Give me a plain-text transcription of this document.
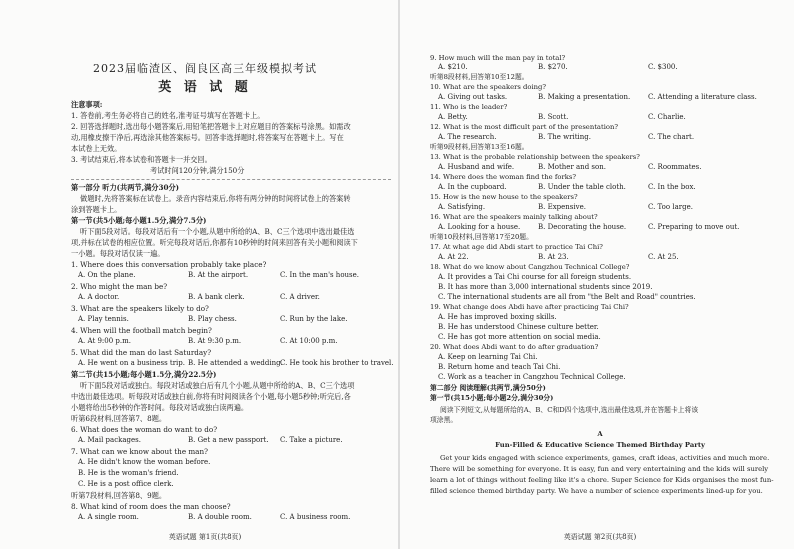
2023届临渣区、阎良区高三年级模拟考试
英 语 试 题
注意事项:
1. 答卷前,考生务必将自己的姓名,准考证号填写在答题卡上。
2. 回答选择题时,选出每小题答案后,用铅笔把答题卡上对应题目的答案标号涂黑。如需改
动,用橡皮擦干净后,再选涂其他答案标号。回答非选择题时,将答案写在答题卡上。写在
本试卷上无效。
3. 考试结束后,将本试卷和答题卡一并交回。
考试时间120分钟,满分150分
第一部分 听力(共两节,满分30分)
做题时,先将答案标在试卷上。录音内容结束后,你将有两分钟的时间将试卷上的答案转
涂到答题卡上。
第一节(共5小题;每小题1.5分,满分7.5分)
听下面5段对话。每段对话后有一个小题,从题中所给的A、B、C三个选项中选出最佳选
项,并标在试卷的相应位置。听完每段对话后,你都有10秒钟的时间来回答有关小题和阅读下
一小题。每段对话仅读一遍。
1. Where does this conversation probably take place?
A. On the plane.	B. At the airport.	C. In the man's house.
2. Who might the man be?
A. A doctor.	B. A bank clerk.	C. A driver.
3. What are the speakers likely to do?
A. Play tennis.	B. Play chess.	C. Run by the lake.
4. When will the football match begin?
A. At 9:00 p.m.	B. At 9:30 p.m.	C. At 10:00 p.m.
5. What did the man do last Saturday?
A. He went on a business trip. B. He attended a wedding.
C. He took his brother to travel.
第二节(共15小题;每小题1.5分,满分22.5分)
听下面5段对话或独白。每段对话或独白后有几个小题,从题中所给的A、B、C三个选项
中选出最佳选项。听每段对话或独白前,你将有时间阅读各个小题,每小题5秒钟;听完后,各
小题将给出5秒钟的作答时间。每段对话或独白读两遍。
听第6段材料,回答第7、8题。
6. What does the woman do want to do?
A. Mail packages.	B. Get a new passport. C. Take a picture.
7. What can we know about the man?
A. He didn't know the woman before.
B. He is the woman's friend.
C. He is a post office clerk.
听第7段材料,回答第8、9题。
8. What kind of room does the man choose?
A. A single room.	B. A double room.	C. A business room.
英语试题 第1页(共8页)
9. How much will the man pay in total?
A. $210.	B. $270.	C. $300.
听第8段材料,回答第10至12题。
10. What are the speakers doing?
A. Giving out tasks.	B. Making a presentation.	C. Attending a literature class.
11. Who is the leader?
A. Betty.	B. Scott.	C. Charlie.
12. What is the most difficult part of the presentation?
A. The research.	B. The writing.	C. The chart.
听第9段材料,回答第13至16题。
13. What is the probable relationship between the speakers?
A. Husband and wife.	B. Mother and son.	C. Roommates.
14. Where does the woman find the forks?
A. In the cupboard.	B. Under the table cloth.	C. In the box.
15. How is the new house to the speakers?
A. Satisfying.	B. Expensive.	C. Too large.
16. What are the speakers mainly talking about?
A. Looking for a house.	B. Decorating the house.	C. Preparing to move out.
听第10段材料,回答第17至20题。
17. At what age did Abdi start to practice Tai Chi?
A. At 22.	B. At 23.	C. At 25.
18. What do we know about Cangzhou Technical College?
A. It provides a Tai Chi course for all foreign students.
B. It has more than 3,000 international students since 2019.
C. The international students are all from "the Belt and Road" countries.
19. What change does Abdi have after practicing Tai Chi?
A. He has improved boxing skills.
B. He has understood Chinese culture better.
C. He has got more attention on social media.
20. What does Abdi want to do after graduation?
A. Keep on learning Tai Chi.
B. Return home and teach Tai Chi.
C. Work as a teacher in Cangzhou Technical College.
第二部分 阅读理解(共两节,满分50分)
第一节(共15小题;每小题2分,满分30分)
阅读下列短文,从每题所给的A、B、C和D四个选项中,选出最佳选项,并在答题卡上将该
项涂黑。
A
Fun-Filled & Educative Science Themed Birthday Party
Get your kids engaged with science experiments, games, craft ideas, activities and much more.
There will be something for everyone. It is easy, fun and very entertaining and the kids will surely
learn a lot of things without feeling like it's a chore. Super Science for Kids organises the most fun-
filled science themed birthday party. We have a number of science experiments lined-up for you.
英语试题 第2页(共8页)
